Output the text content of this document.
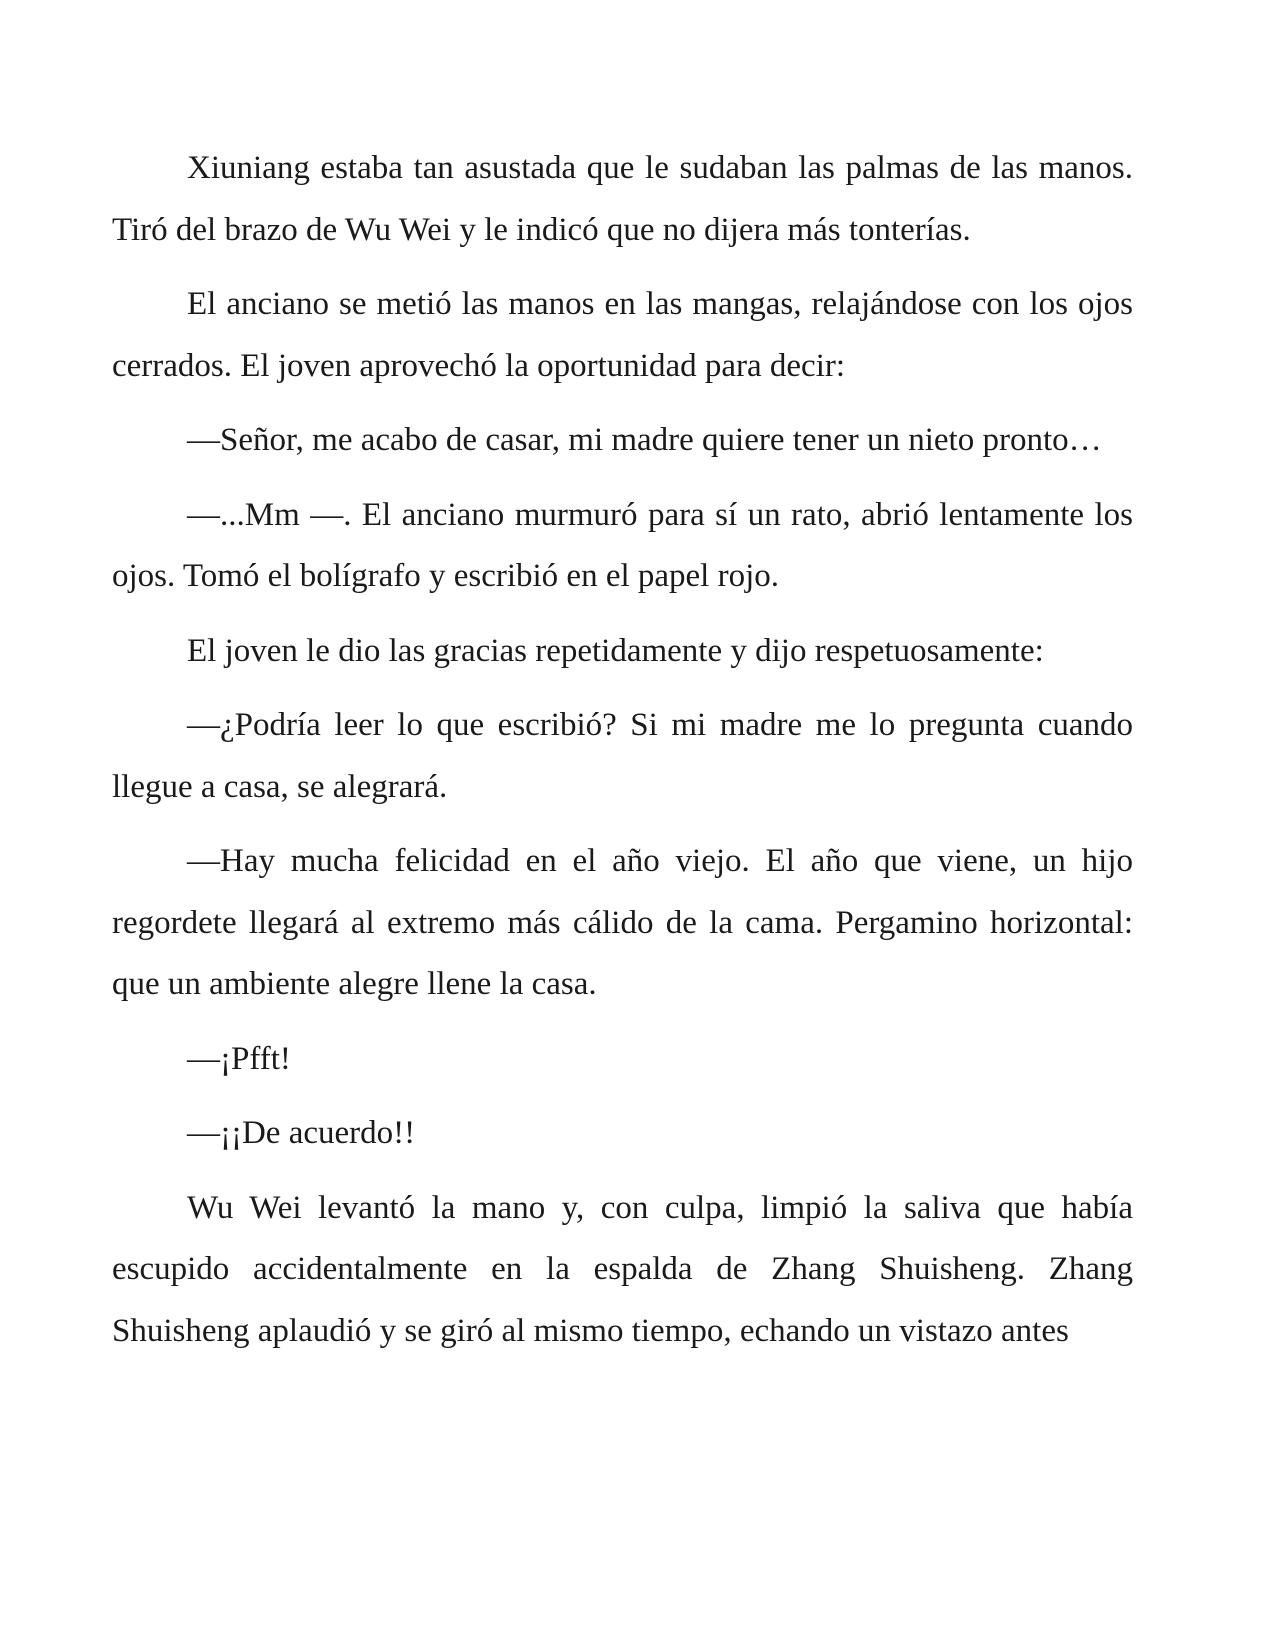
Xiuniang estaba tan asustada que le sudaban las palmas de las manos. Tiró del brazo de Wu Wei y le indicó que no dijera más tonterías.

El anciano se metió las manos en las mangas, relajándose con los ojos cerrados. El joven aprovechó la oportunidad para decir:

—Señor, me acabo de casar, mi madre quiere tener un nieto pronto…

—...Mm —. El anciano murmuró para sí un rato, abrió lentamente los ojos. Tomó el bolígrafo y escribió en el papel rojo.

El joven le dio las gracias repetidamente y dijo respetuosamente:

—¿Podría leer lo que escribió? Si mi madre me lo pregunta cuando llegue a casa, se alegrará.

—Hay mucha felicidad en el año viejo. El año que viene, un hijo regordete llegará al extremo más cálido de la cama. Pergamino horizontal: que un ambiente alegre llene la casa.

—¡Pfft!

—¡¡De acuerdo!!

Wu Wei levantó la mano y, con culpa, limpió la saliva que había escupido accidentalmente en la espalda de Zhang Shuisheng. Zhang Shuisheng aplaudió y se giró al mismo tiempo, echando un vistazo antes
